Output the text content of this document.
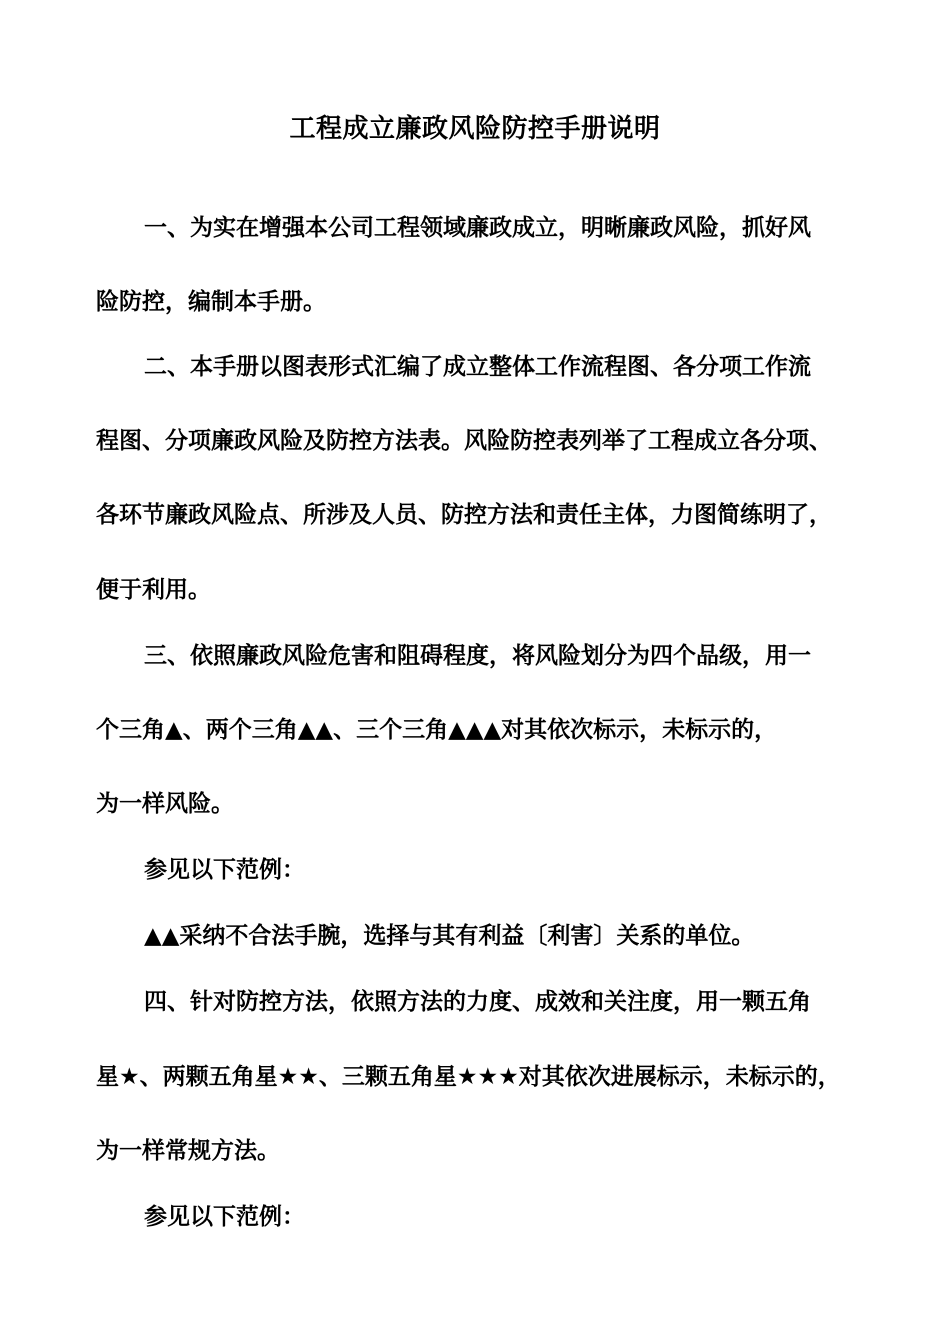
工程成立廉政风险防控手册说明
一、为实在增强本公司工程领域廉政成立，明晰廉政风险，抓好风
险防控，编制本手册。
二、本手册以图表形式汇编了成立整体工作流程图、各分项工作流
程图、分项廉政风险及防控方法表。风险防控表列举了工程成立各分项、
各环节廉政风险点、所涉及人员、防控方法和责任主体，力图简练明了，
便于利用。
三、依照廉政风险危害和阻碍程度，将风险划分为四个品级，用一
个三角▲、两个三角▲▲、三个三角▲▲▲对其依次标示，未标示的，
为一样风险。
参见以下范例：
▲▲采纳不合法手腕，选择与其有利益〔利害〕关系的单位。
四、针对防控方法，依照方法的力度、成效和关注度，用一颗五角
星★、两颗五角星★★、三颗五角星★★★对其依次进展标示，未标示的，
为一样常规方法。
参见以下范例：
